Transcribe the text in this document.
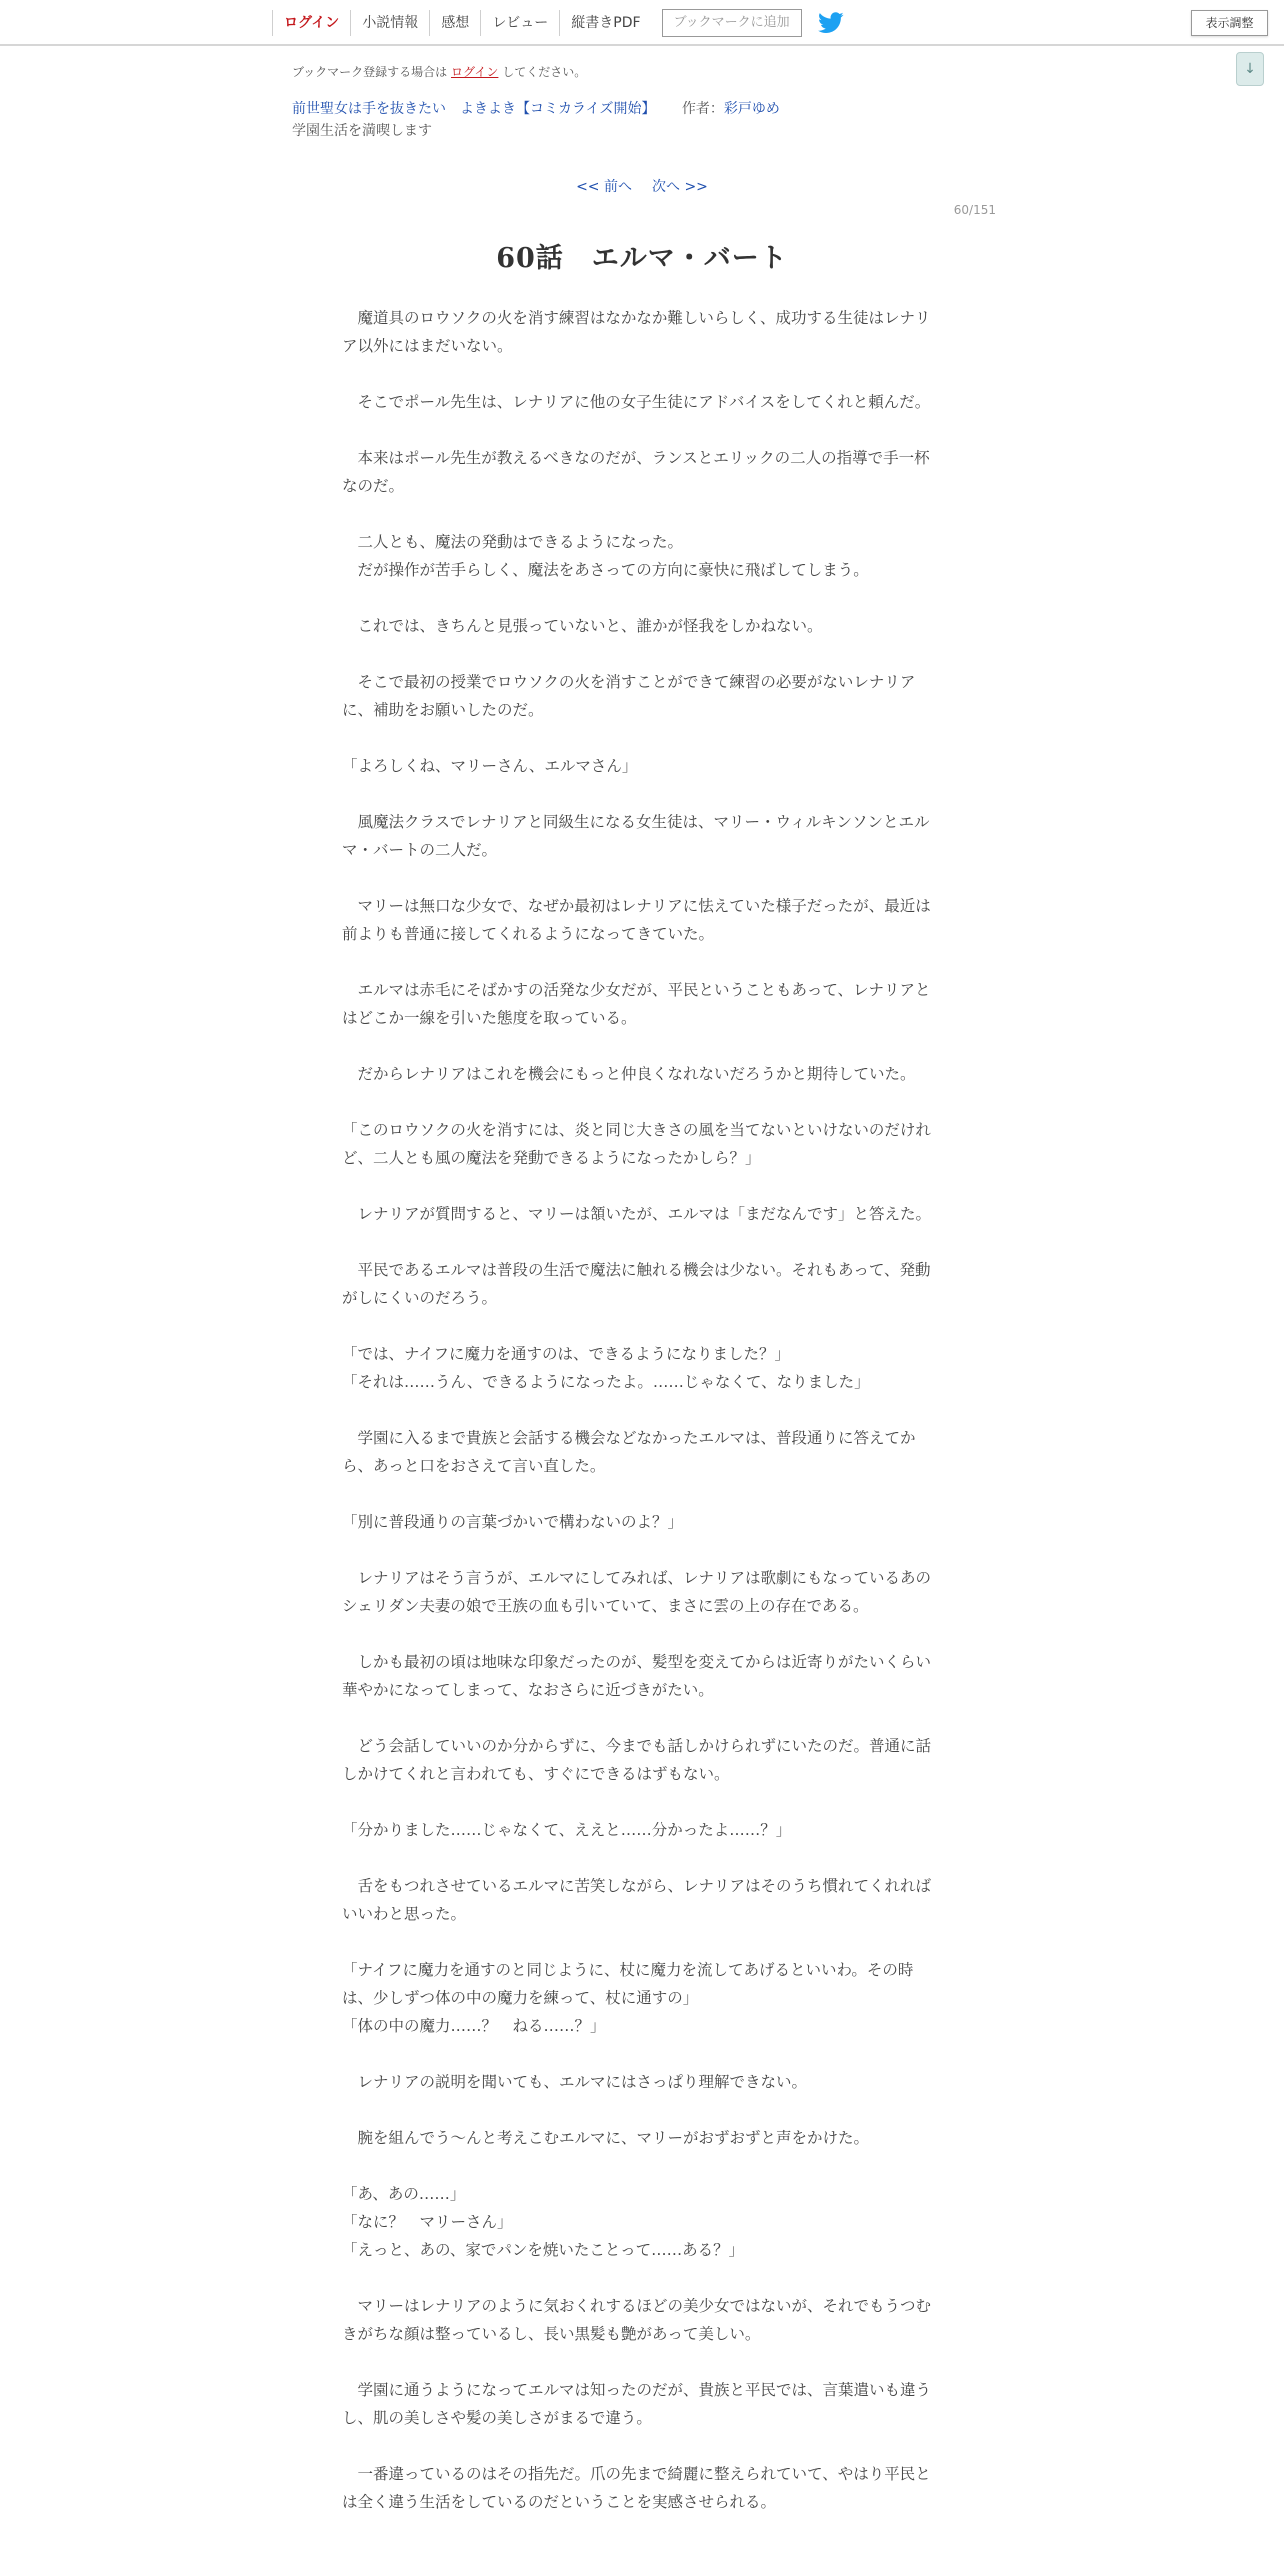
ログイン	小説情報	感想	レビュー	縦書きPDF	ブックマークに追加	表示調整
↓
ブックマーク登録する場合は ログイン してください。
前世聖女は手を抜きたい　よきよき【コミカライズ開始】 作者：彩戸ゆめ
学園生活を満喫します
<< 前へ 次へ >>
60/151
60話　エルマ・バート

　魔道具のロウソクの火を消す練習はなかなか難しいらしく、成功する生徒はレナリア以外にはまだいない。

　そこでポール先生は、レナリアに他の女子生徒にアドバイスをしてくれと頼んだ。

　本来はポール先生が教えるべきなのだが、ランスとエリックの二人の指導で手一杯なのだ。

　二人とも、魔法の発動はできるようになった。
　だが操作が苦手らしく、魔法をあさっての方向に豪快に飛ばしてしまう。

　これでは、きちんと見張っていないと、誰かが怪我をしかねない。

　そこで最初の授業でロウソクの火を消すことができて練習の必要がないレナリアに、補助をお願いしたのだ。

「よろしくね、マリーさん、エルマさん」

　風魔法クラスでレナリアと同級生になる女生徒は、マリー・ウィルキンソンとエルマ・バートの二人だ。

　マリーは無口な少女で、なぜか最初はレナリアに怯えていた様子だったが、最近は前よりも普通に接してくれるようになってきていた。

　エルマは赤毛にそばかすの活発な少女だが、平民ということもあって、レナリアとはどこか一線を引いた態度を取っている。

　だからレナリアはこれを機会にもっと仲良くなれないだろうかと期待していた。

「このロウソクの火を消すには、炎と同じ大きさの風を当てないといけないのだけれど、二人とも風の魔法を発動できるようになったかしら？」

　レナリアが質問すると、マリーは頷いたが、エルマは「まだなんです」と答えた。

　平民であるエルマは普段の生活で魔法に触れる機会は少ない。それもあって、発動がしにくいのだろう。

「では、ナイフに魔力を通すのは、できるようになりました？」
「それは……うん、できるようになったよ。……じゃなくて、なりました」

　学園に入るまで貴族と会話する機会などなかったエルマは、普段通りに答えてから、あっと口をおさえて言い直した。

「別に普段通りの言葉づかいで構わないのよ？」

　レナリアはそう言うが、エルマにしてみれば、レナリアは歌劇にもなっているあのシェリダン夫妻の娘で王族の血も引いていて、まさに雲の上の存在である。

　しかも最初の頃は地味な印象だったのが、髪型を変えてからは近寄りがたいくらい華やかになってしまって、なおさらに近づきがたい。

　どう会話していいのか分からずに、今までも話しかけられずにいたのだ。普通に話しかけてくれと言われても、すぐにできるはずもない。

「分かりました……じゃなくて、ええと……分かったよ……？」

　舌をもつれさせているエルマに苦笑しながら、レナリアはそのうち慣れてくれればいいわと思った。

「ナイフに魔力を通すのと同じように、杖に魔力を流してあげるといいわ。その時は、少しずつ体の中の魔力を練って、杖に通すの」
「体の中の魔力……？　ねる……？」

　レナリアの説明を聞いても、エルマにはさっぱり理解できない。

　腕を組んでう～んと考えこむエルマに、マリーがおずおずと声をかけた。

「あ、あの……」
「なに？　マリーさん」
「えっと、あの、家でパンを焼いたことって……ある？」

　マリーはレナリアのように気おくれするほどの美少女ではないが、それでもうつむきがちな顔は整っているし、長い黒髪も艶があって美しい。

　学園に通うようになってエルマは知ったのだが、貴族と平民では、言葉遣いも違うし、肌の美しさや髪の美しさがまるで違う。

　一番違っているのはその指先だ。爪の先まで綺麗に整えられていて、やはり平民とは全く違う生活をしているのだということを実感させられる。
